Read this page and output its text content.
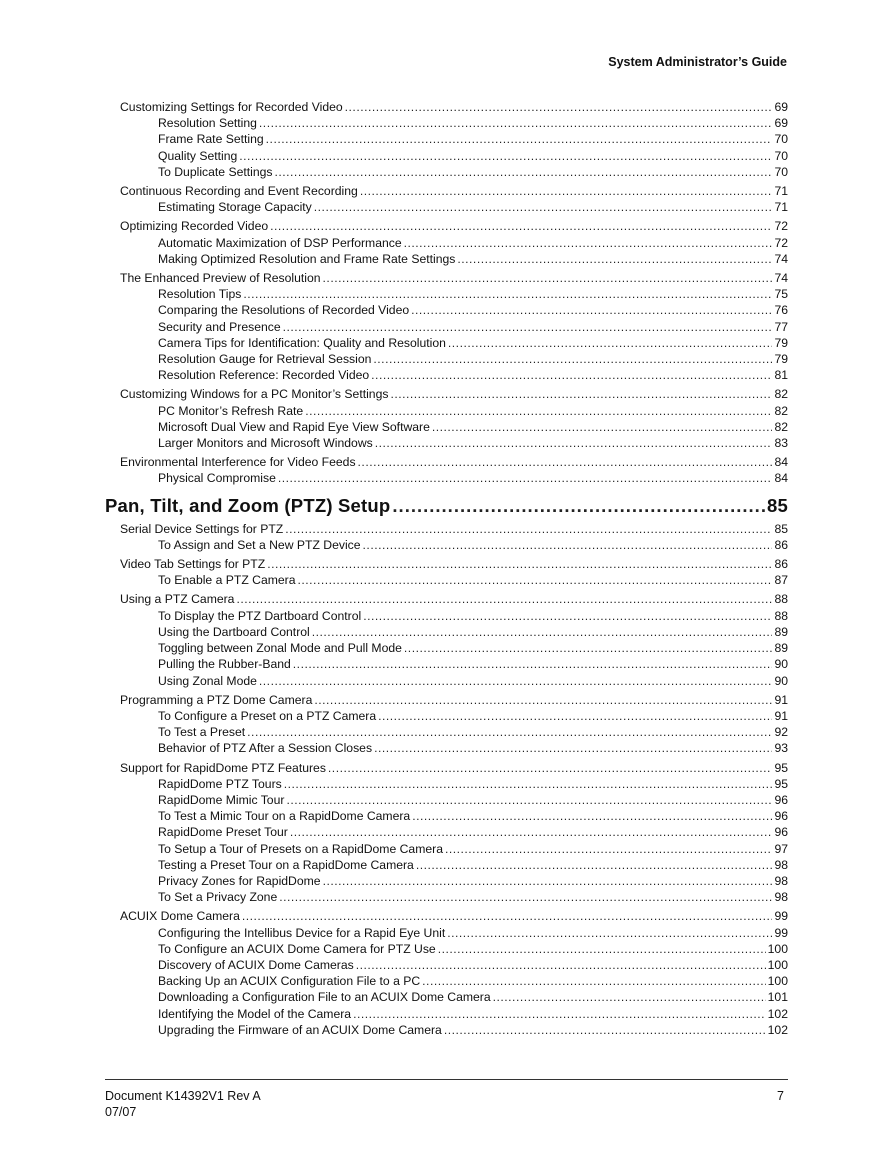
System Administrator’s Guide
Customizing Settings for Recorded Video .....	69
Resolution Setting .....	69
Frame Rate Setting .....	70
Quality Setting .....	70
To Duplicate Settings .....	70
Continuous Recording and Event Recording .....	71
Estimating Storage Capacity .....	71
Optimizing Recorded Video .....	72
Automatic Maximization of DSP Performance .....	72
Making Optimized Resolution and Frame Rate Settings .....	74
The Enhanced Preview of Resolution .....	74
Resolution Tips .....	75
Comparing the Resolutions of Recorded Video .....	76
Security and Presence .....	77
Camera Tips for Identification: Quality and Resolution .....	79
Resolution Gauge for Retrieval Session .....	79
Resolution Reference: Recorded Video .....	81
Customizing Windows for a PC Monitor’s Settings .....	82
PC Monitor’s Refresh Rate .....	82
Microsoft Dual View and Rapid Eye View Software .....	82
Larger Monitors and Microsoft Windows .....	83
Environmental Interference for Video Feeds .....	84
Physical Compromise .....	84
Pan, Tilt, and Zoom (PTZ) Setup .....	85
Serial Device Settings for PTZ .....	85
To Assign and Set a New PTZ Device .....	86
Video Tab Settings for PTZ .....	86
To Enable a PTZ Camera .....	87
Using a PTZ Camera .....	88
To Display the PTZ Dartboard Control .....	88
Using the Dartboard Control .....	89
Toggling between Zonal Mode and Pull Mode .....	89
Pulling the Rubber-Band .....	90
Using Zonal Mode .....	90
Programming a PTZ Dome Camera .....	91
To Configure a Preset on a PTZ Camera .....	91
To Test a Preset .....	92
Behavior of PTZ After a Session Closes .....	93
Support for RapidDome PTZ Features .....	95
RapidDome PTZ Tours .....	95
RapidDome Mimic Tour .....	96
To Test a Mimic Tour on a RapidDome Camera .....	96
RapidDome Preset Tour .....	96
To Setup a Tour of Presets on a RapidDome Camera .....	97
Testing a Preset Tour on a RapidDome Camera .....	98
Privacy Zones for RapidDome .....	98
To Set a Privacy Zone .....	98
ACUIX Dome Camera .....	99
Configuring the Intellibus Device for a Rapid Eye Unit .....	99
To Configure an ACUIX Dome Camera for PTZ Use .....	100
Discovery of ACUIX Dome Cameras .....	100
Backing Up an ACUIX Configuration File to a PC .....	100
Downloading a Configuration File to an ACUIX Dome Camera .....	101
Identifying the Model of the Camera .....	102
Upgrading the Firmware of an ACUIX Dome Camera .....	102
Document K14392V1 Rev A
07/07
7
